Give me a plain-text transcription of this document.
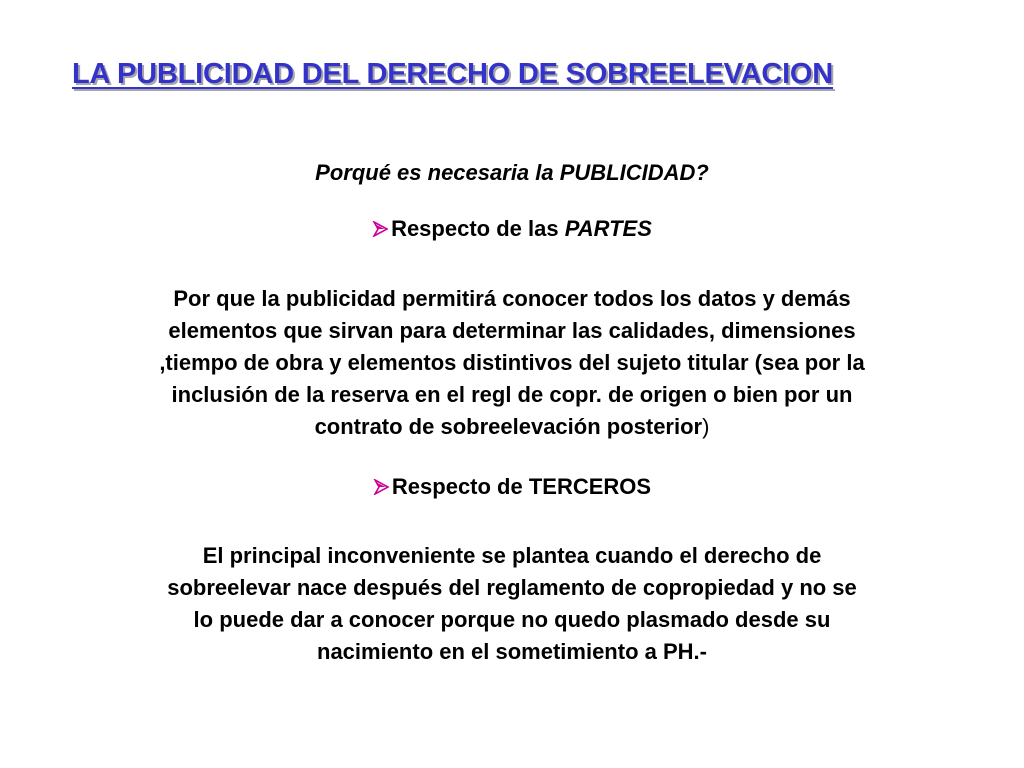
LA PUBLICIDAD DEL DERECHO DE SOBREELEVACION
Porqué es necesaria la PUBLICIDAD?
Respecto de las PARTES

Por que la publicidad permitirá conocer todos los datos y demás
elementos que sirvan para determinar las calidades, dimensiones
,tiempo de obra y elementos distintivos del sujeto titular (sea por la
inclusión de la reserva en el regl de copr. de origen o bien por un
contrato de sobreelevación posterior)

Respecto de TERCEROS

El principal inconveniente se plantea cuando el derecho de
sobreelevar nace después del reglamento de copropiedad y no se
lo puede dar a conocer porque no quedo plasmado desde su
nacimiento en el sometimiento a PH.-
